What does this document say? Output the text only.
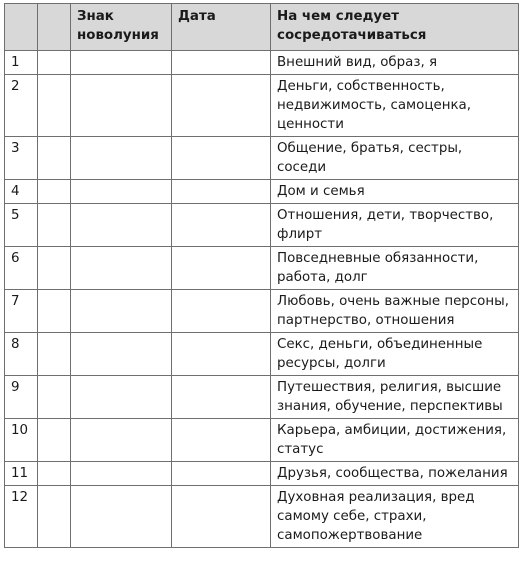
		Знак новолуния	Дата	На чем следует сосредотачиваться
1				Внешний вид, образ, я
2				Деньги, собственность, недвижимость, самоценка, ценности
3				Общение, братья, сестры, соседи
4				Дом и семья
5				Отношения, дети, творчество, флирт
6				Повседневные обязанности, работа, долг
7				Любовь, очень важные персоны, партнерство, отношения
8				Секс, деньги, объединенные ресурсы, долги
9				Путешествия, религия, высшие знания, обучение, перспективы
10				Карьера, амбиции, достижения, статус
11				Друзья, сообщества, пожелания
12				Духовная реализация, вред самому себе, страхи, самопожертвование
